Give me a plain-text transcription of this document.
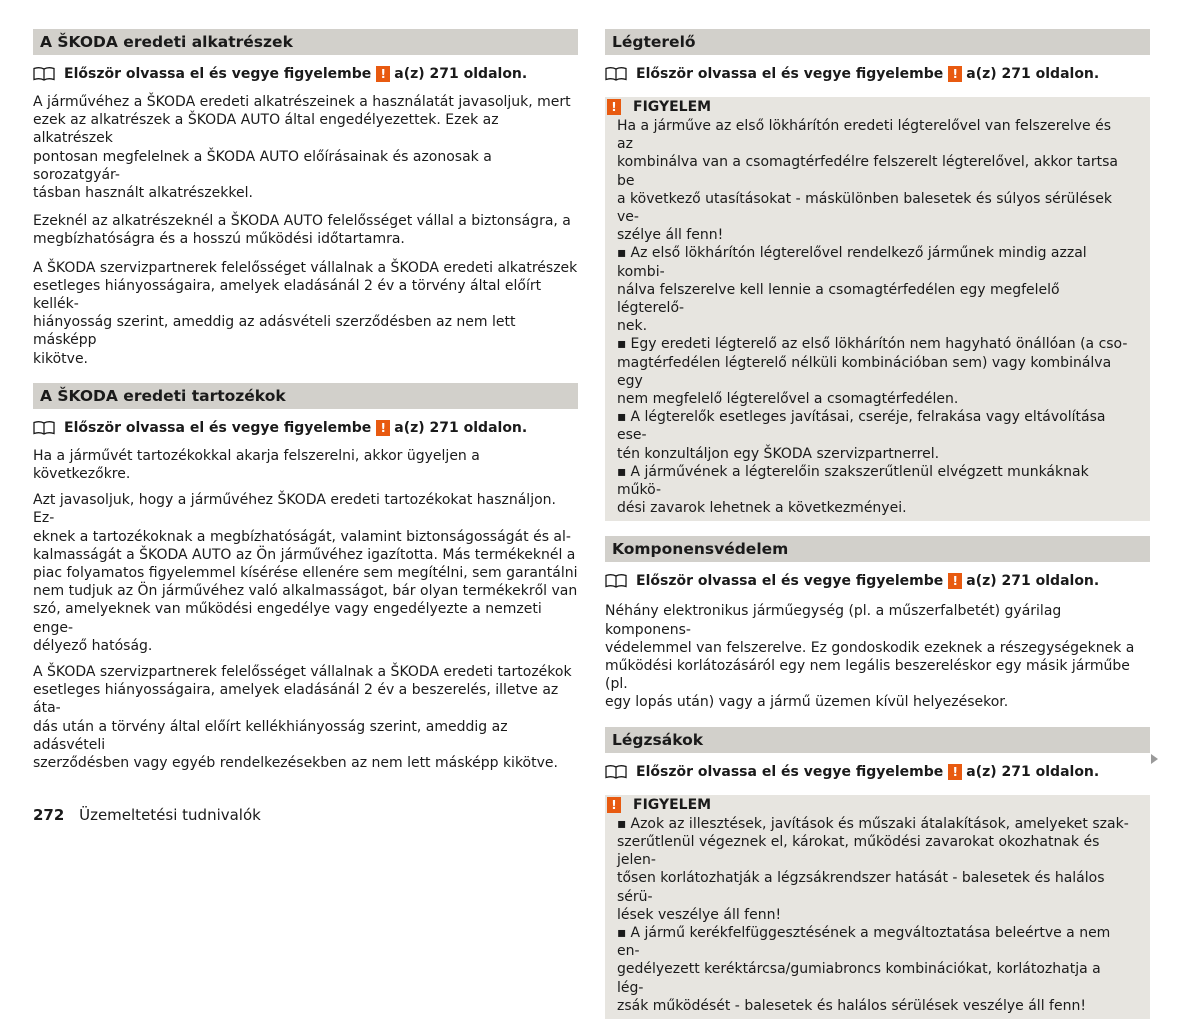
A ŠKODA eredeti alkatrészek
Először olvassa el és vegye figyelembe ! a(z) 271 oldalon.
A járművéhez a ŠKODA eredeti alkatrészeinek a használatát javasoljuk, mert
ezek az alkatrészek a ŠKODA AUTO által engedélyezettek. Ezek az alkatrészek
pontosan megfelelnek a ŠKODA AUTO előírásainak és azonosak a sorozatgyár-
tásban használt alkatrészekkel.
Ezeknél az alkatrészeknél a ŠKODA AUTO felelősséget vállal a biztonságra, a
megbízhatóságra és a hosszú működési időtartamra.
A ŠKODA szervizpartnerek felelősséget vállalnak a ŠKODA eredeti alkatrészek
esetleges hiányosságaira, amelyek eladásánál 2 év a törvény által előírt kellék-
hiányosság szerint, ameddig az adásvételi szerződésben az nem lett másképp
kikötve.
A ŠKODA eredeti tartozékok
Először olvassa el és vegye figyelembe ! a(z) 271 oldalon.
Ha a járművét tartozékokkal akarja felszerelni, akkor ügyeljen a következőkre.
Azt javasoljuk, hogy a járművéhez ŠKODA eredeti tartozékokat használjon. Ez-
eknek a tartozékoknak a megbízhatóságát, valamint biztonságosságát és al-
kalmasságát a ŠKODA AUTO az Ön járművéhez igazította. Más termékeknél a
piac folyamatos figyelemmel kísérése ellenére sem megítélni, sem garantálni
nem tudjuk az Ön járművéhez való alkalmasságot, bár olyan termékekről van
szó, amelyeknek van működési engedélye vagy engedélyezte a nemzeti enge-
délyező hatóság.
A ŠKODA szervizpartnerek felelősséget vállalnak a ŠKODA eredeti tartozékok
esetleges hiányosságaira, amelyek eladásánál 2 év a beszerelés, illetve az áta-
dás után a törvény által előírt kellékhiányosság szerint, ameddig az adásvételi
szerződésben vagy egyéb rendelkezésekben az nem lett másképp kikötve.
Légterelő
Először olvassa el és vegye figyelembe ! a(z) 271 oldalon.
!	FIGYELEM

Ha a járműve az első lökhárítón eredeti légterelővel van felszerelve és az

kombinálva van a csomagtérfedélre felszerelt légterelővel, akkor tartsa be

a következő utasításokat - máskülönben balesetek és súlyos sérülések ve-

szélye áll fenn!

▪ Az első lökhárítón légterelővel rendelkező járműnek mindig azzal kombi-

nálva felszerelve kell lennie a csomagtérfedélen egy megfelelő légterelő-

nek.

▪ Egy eredeti légterelő az első lökhárítón nem hagyható önállóan (a cso-

magtérfedélen légterelő nélküli kombinációban sem) vagy kombinálva egy

nem megfelelő légterelővel a csomagtérfedélen.

▪ A légterelők esetleges javításai, cseréje, felrakása vagy eltávolítása ese-

tén konzultáljon egy ŠKODA szervizpartnerrel.

▪ A járművének a légterelőin szakszerűtlenül elvégzett munkáknak műkö-

dési zavarok lehetnek a következményei.

Komponensvédelem
Először olvassa el és vegye figyelembe ! a(z) 271 oldalon.
Néhány elektronikus járműegység (pl. a műszerfalbetét) gyárilag komponens-
védelemmel van felszerelve. Ez gondoskodik ezeknek a részegységeknek a
működési korlátozásáról egy nem legális beszereléskor egy másik járműbe (pl.
egy lopás után) vagy a jármű üzemen kívül helyezésekor.
Légzsákok
Először olvassa el és vegye figyelembe ! a(z) 271 oldalon.
!	FIGYELEM

▪ Azok az illesztések, javítások és műszaki átalakítások, amelyeket szak-

szerűtlenül végeznek el, károkat, működési zavarokat okozhatnak és jelen-

tősen korlátozhatják a légzsákrendszer hatását - balesetek és halálos sérü-

lések veszélye áll fenn!

▪ A jármű kerékfelfüggesztésének a megváltoztatása beleértve a nem en-

gedélyezett keréktárcsa/gumiabroncs kombinációkat, korlátozhatja a lég-

zsák működését - balesetek és halálos sérülések veszélye áll fenn!

272 Üzemeltetési tudnivalók
